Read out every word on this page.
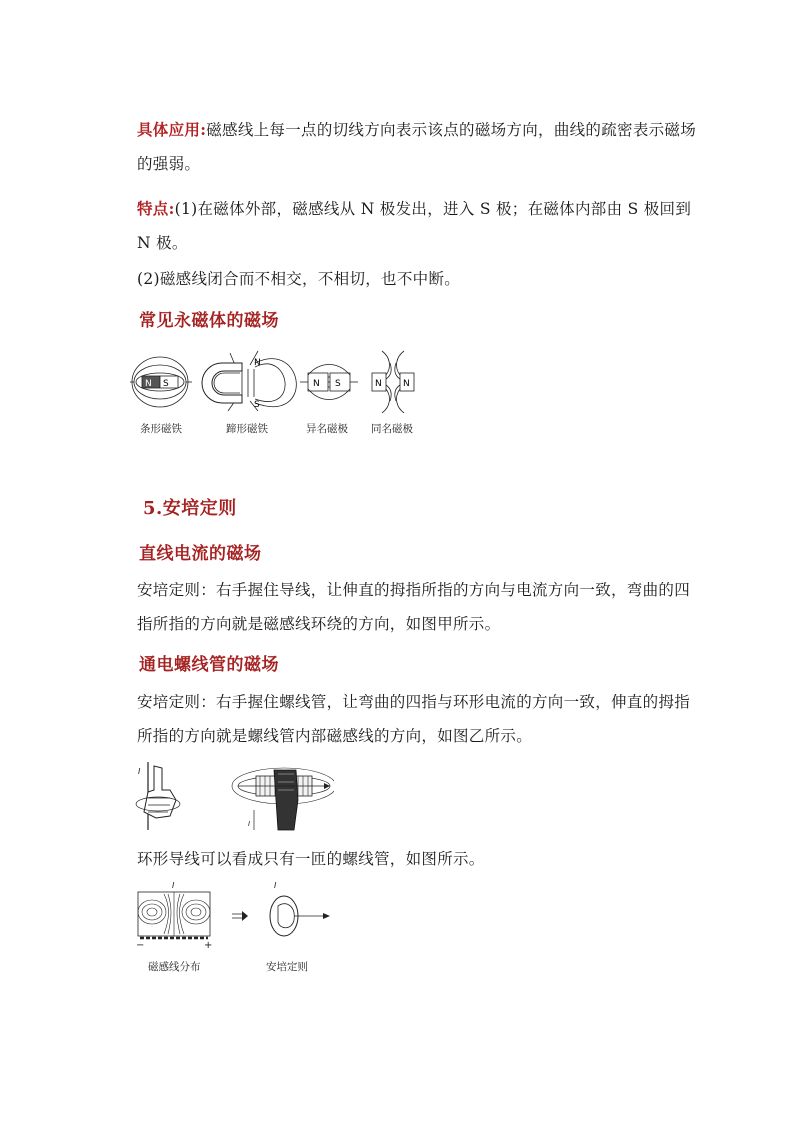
具体应用:磁感线上每一点的切线方向表示该点的磁场方向，曲线的疏密表示磁场的强弱。
特点:(1)在磁体外部，磁感线从 N 极发出，进入 S 极；在磁体内部由 S 极回到 N 极。
(2)磁感线闭合而不相交，不相切，也不中断。
常见永磁体的磁场
S
N
N
S
N S	N N
条形磁铁	蹄形磁铁	异名磁极 同名磁极
5.安培定则
直线电流的磁场
安培定则：右手握住导线，让伸直的拇指所指的方向与电流方向一致，弯曲的四指所指的方向就是磁感线环绕的方向，如图甲所示。
通电螺线管的磁场
安培定则：右手握住螺线管，让弯曲的四指与环形电流的方向一致，伸直的拇指所指的方向就是螺线管内部磁感线的方向，如图乙所示。
I
I
环形导线可以看成只有一匝的螺线管，如图所示。
I
−	+
I
磁感线分布	安培定则
